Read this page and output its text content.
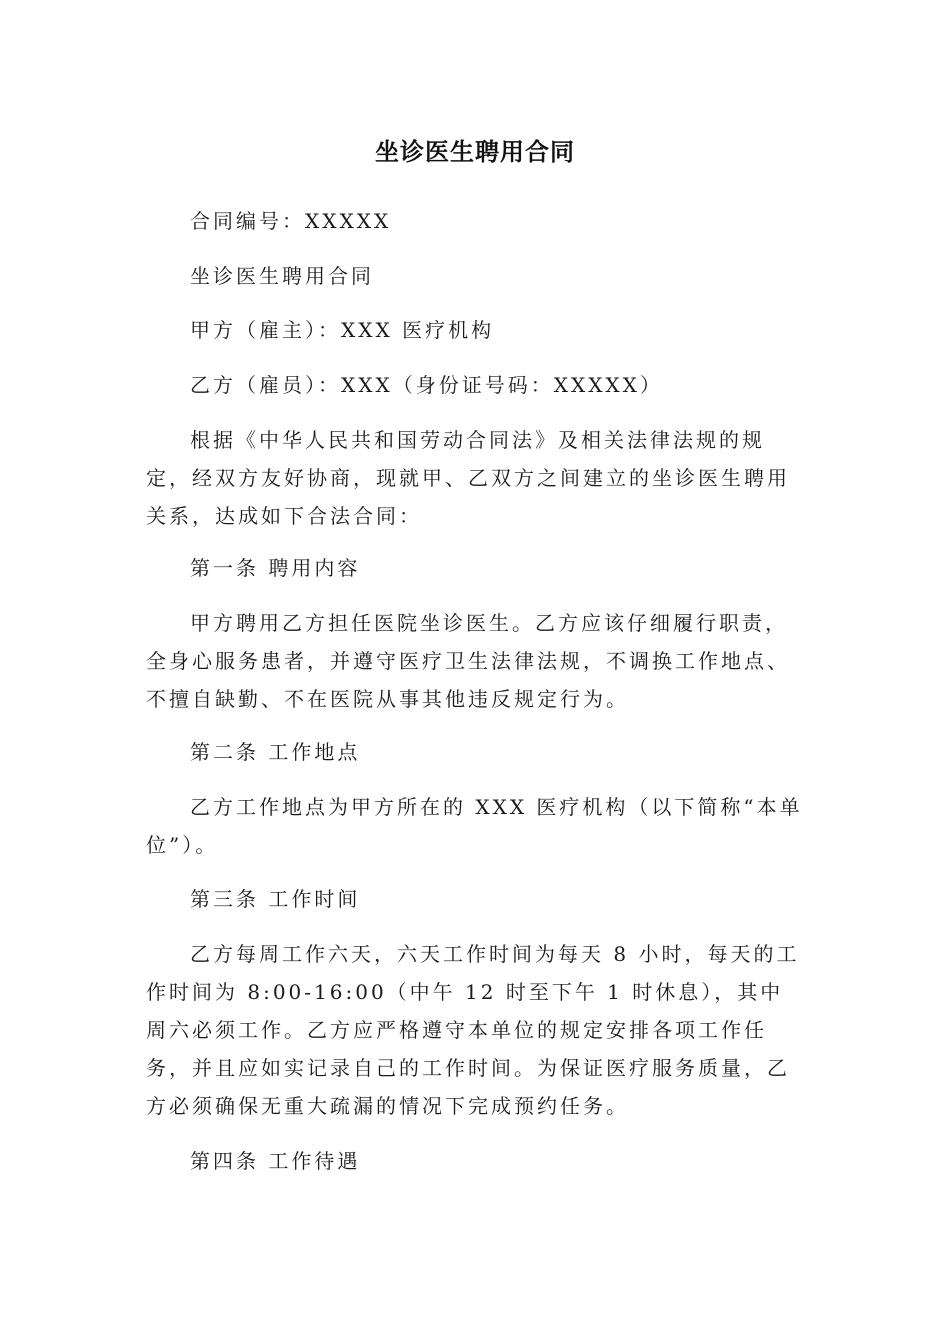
坐诊医生聘用合同

合同编号：XXXXX

坐诊医生聘用合同

甲方（雇主）：XXX 医疗机构

乙方（雇员）：XXX（身份证号码：XXXXX）

根据《中华人民共和国劳动合同法》及相关法律法规的规定，经双方友好协商，现就甲、乙双方之间建立的坐诊医生聘用关系，达成如下合法合同：

第一条 聘用内容

甲方聘用乙方担任医院坐诊医生。乙方应该仔细履行职责，全身心服务患者，并遵守医疗卫生法律法规，不调换工作地点、不擅自缺勤、不在医院从事其他违反规定行为。

第二条 工作地点

乙方工作地点为甲方所在的 XXX 医疗机构（以下简称“本单位”）。

第三条 工作时间

乙方每周工作六天，六天工作时间为每天 8 小时，每天的工作时间为 8:00-16:00（中午 12 时至下午 1 时休息），其中周六必须工作。乙方应严格遵守本单位的规定安排各项工作任务，并且应如实记录自己的工作时间。为保证医疗服务质量，乙方必须确保无重大疏漏的情况下完成预约任务。

第四条 工作待遇
